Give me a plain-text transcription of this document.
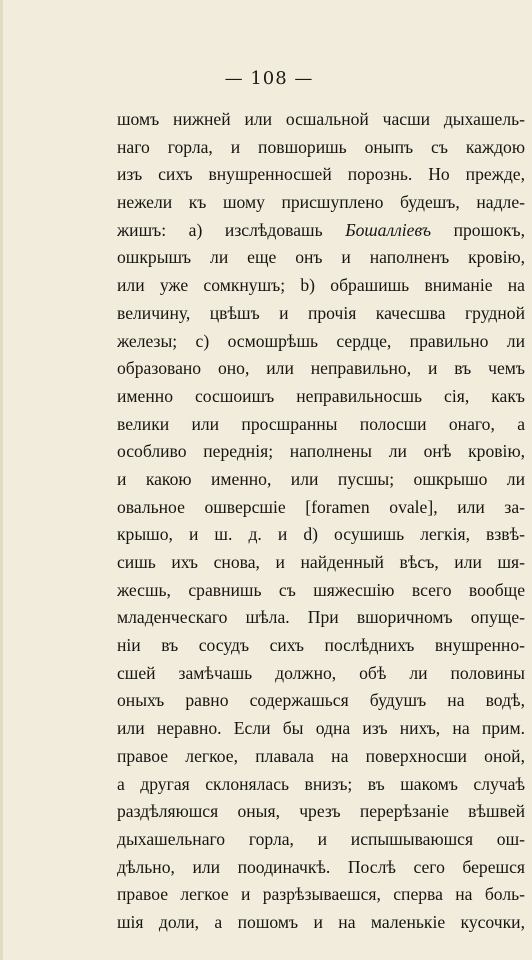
— 108 —
шомъ нижней или осшальной часши дыхашель-
наго горла, и повшоришь оныпъ съ каждою
изъ сихъ внушренносшей порознь. Но прежде,
нежели къ шому присшуплено будешъ, надле-
жишъ: а) изслѣдовашь Бошаллiевъ прошокъ,
ошкрышъ ли еще онъ и наполненъ кровiю,
или уже сомкнушъ; b) обрашишь вниманiе на
величину, цвѣшъ и прочiя качесшва грудной
железы; c) осмошрѣшь сердце, правильно ли
образовано оно, или неправильно, и въ чемъ
именно сосшоишъ неправильносшь сiя, какъ
велики или просшранны полосши онаго, а
особливо переднiя; наполнены ли онѣ кровiю,
и какою именно, или пусшы; ошкрышо ли
овальное ошверсшiе [foramen ovale], или за-
крышо, и ш. д. и d) осушишь легкiя, взвѣ-
сишь ихъ снова, и найденный вѣсъ, или шя-
жесшь, сравнишь съ шяжесшiю всего вообще
младенческаго шѣла. При вшоричномъ опуще-
нiи въ сосудъ сихъ послѣднихъ внушренно-
сшей замѣчашь должно, обѣ ли половины
оныхъ равно содержашься будушъ на водѣ,
или неравно. Если бы одна изъ нихъ, на прим.
правое легкое, плавала на поверхносши оной,
а другая склонялась внизъ; въ шакомъ случаѣ
раздѣляюшся оныя, чрезъ перерѣзанiе вѣшвей
дыхашельнаго горла, и испышываюшся ош-
дѣльно, или поодиначкѣ. Послѣ сего берешся
правое легкое и разрѣзываешся, сперва на боль-
шiя доли, а пошомъ и на маленькiе кусочки,
